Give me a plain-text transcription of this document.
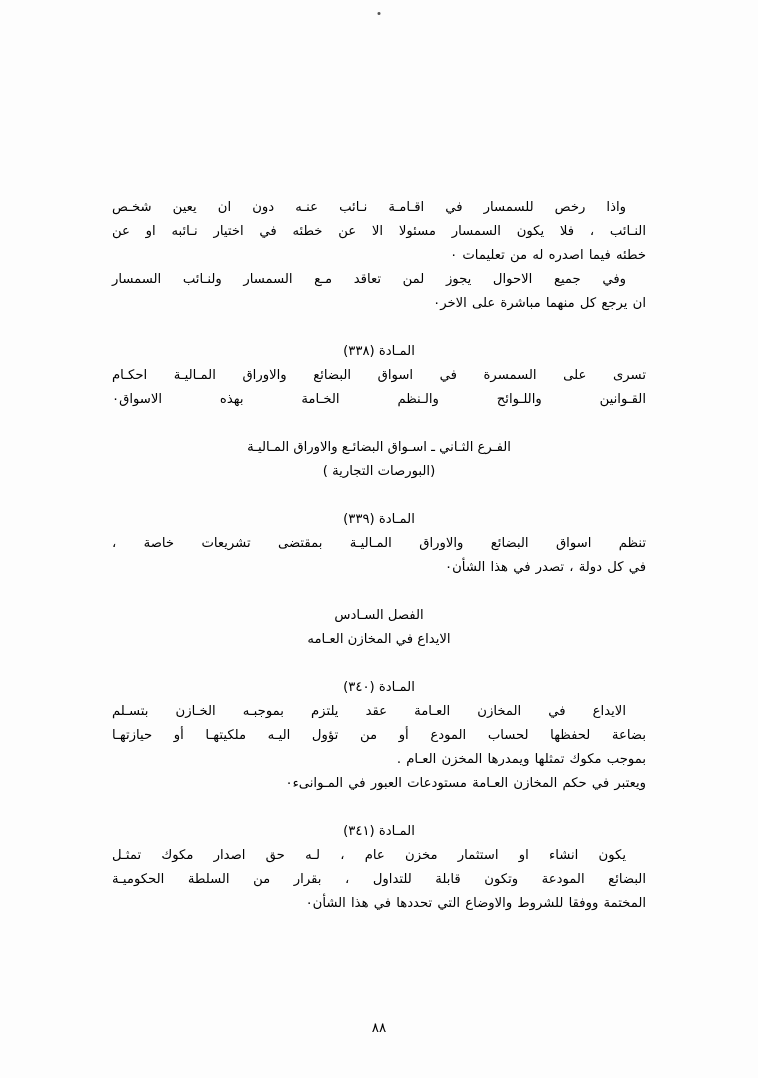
واذا رخص للسمسار في اقـامـة نـائب عنـه دون ان يعين شخـص

النـائب ، فلا يكون السمسار مسئولا الا عن خطئه في اختيار نـائبه او عن

خطئه فيما اصدره له من تعليمات ٠

وفي جميع الاحوال يجوز لمن تعاقد مـع السمسار ولنـائب السمسار

ان يرجع كل منهما مباشرة على الاخر٠

المـادة (٣٣٨)

تسرى على السمسرة في اسواق البضائع والاوراق المـاليـة احكـام

القـوانين واللـوائح والـنظم الخـامة بهذه الاسواق٠

الفـرع الثـاني ـ اسـواق البضائـع والاوراق المـاليـة

(البورصات التجارية )

المـادة (٣٣٩)

تنظم اسواق البضائع والاوراق المـاليـة بمقتضى تشريعات خاصة ،

في كل دولة ، تصدر في هذا الشأن٠

الفصل السـادس

الايداع في المخازن العـامه

المـادة (٣٤٠)

الايداع في المخازن العـامة عقد يلتزم بموجبـه الخـازن بتسـلم

بضاعة لحفظها لحساب المودع أو من تؤول اليـه ملكيتهـا أو حيازتهـا

بموجب مكوك تمثلها ويمدرها المخزن العـام .

ويعتبر في حكم المخازن العـامة مستودعات العبور في المـوانىء٠

المـادة (٣٤١)

يكون انشاء او استثمار مخزن عام ، لـه حق اصدار مكوك تمثـل

البضائع المودعة وتكون قابلة للتداول ، بقرار من السلطة الحكوميـة

المختمة ووفقا للشروط والاوضاع التي تحددها في هذا الشأن٠

٨٨
